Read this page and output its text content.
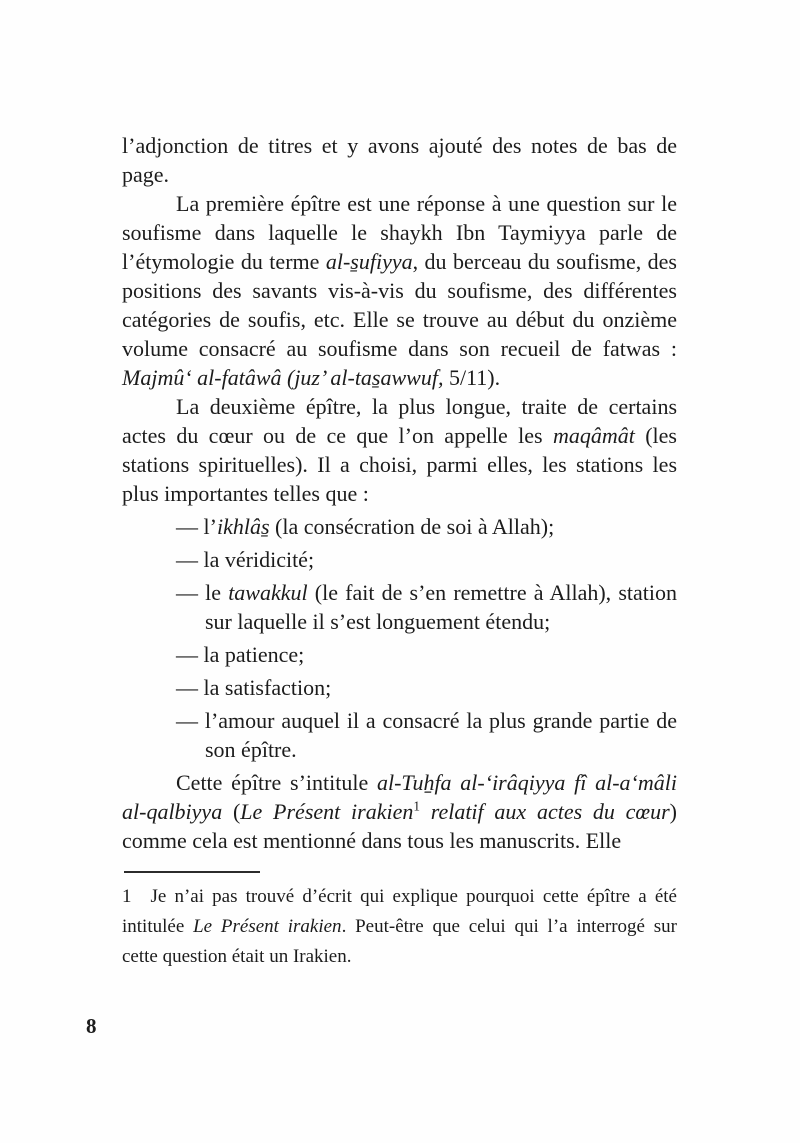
l’adjonction de titres et y avons ajouté des notes de bas de page.
La première épître est une réponse à une question sur le soufisme dans laquelle le shaykh Ibn Taymiyya parle de l’étymologie du terme al-s̱ufiyya, du berceau du soufisme, des positions des savants vis-à-vis du soufisme, des différentes catégories de soufis, etc. Elle se trouve au début du onzième volume consacré au soufisme dans son recueil de fatwas : Majmû‘ al-fatâwâ (juz’ al-tas̱awwuf, 5/11).
La deuxième épître, la plus longue, traite de certains actes du cœur ou de ce que l’on appelle les maqâmât (les stations spirituelles). Il a choisi, parmi elles, les stations les plus importantes telles que :
— l’ikhlâs̱ (la consécration de soi à Allah);
— la véridicité;
— le tawakkul (le fait de s’en remettre à Allah), station sur laquelle il s’est longuement étendu;
— la patience;
— la satisfaction;
— l’amour auquel il a consacré la plus grande partie de son épître.
Cette épître s’intitule al-Tuẖfa al-‘irâqiyya fî al-a‘mâli al-qalbiyya (Le Présent irakien$^1$ relatif aux actes du cœur) comme cela est mentionné dans tous les manuscrits. Elle
1 Je n’ai pas trouvé d’écrit qui explique pourquoi cette épître a été intitulée Le Présent irakien. Peut-être que celui qui l’a interrogé sur cette question était un Irakien.
8
